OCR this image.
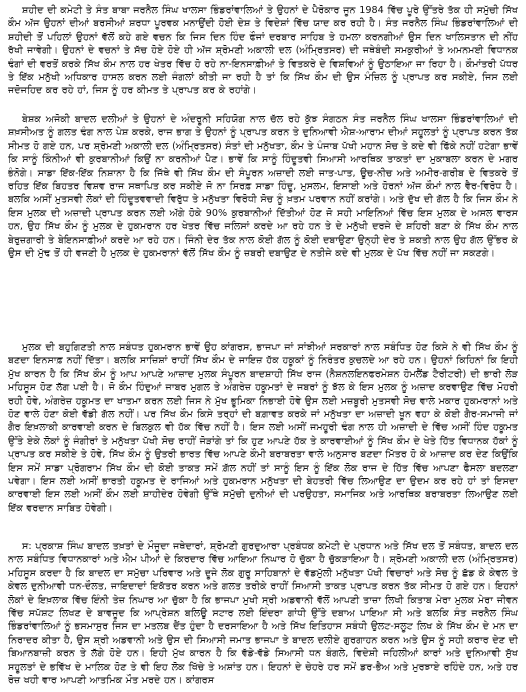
ਸ਼ਹੀਦ ਦੀ ਕਮੇਟੀ ਤੇ ਸੰਤ ਬਾਬਾ ਜਰਨੈਲ ਸਿੰਘ ਖਾਲਸਾ ਭਿੰਡਰਾਂਵਾਲਿਆਂ ਤੇ ਉਹਨਾਂ ਦੇ ਪੈਰੋਕਾਰ ਜੂਨ 1984 ਵਿੱਚ ਪੂਰੇ ਉੱਤਰੇ ਤੱਕ ਹੀ ਸਮੁੱਚੀ ਸਿੱਖ ਕੌਮ ਅੱਜ ਉਹਨਾਂ ਦੀਆਂ ਬਰਸੀਆਂ ਸ਼ਰਧਾ ਪੂਰਵਕ ਮਨਾਉਂਦੀ ਹੋਈ ਦੇਸ਼ ਤੇ ਵਿਦੇਸ਼ਾਂ ਵਿੱਚ ਯਾਦ ਕਰ ਰਹੀ ਹੈ। ਸੰਤ ਜਰਨੈਲ ਸਿੰਘ ਭਿੰਡਰਾਂਵਾਲਿਆਂ ਦੀ ਸ਼ਹੀਦੀ ਤੋਂ ਪਹਿਲਾਂ ਉਹਨਾਂ ਵੱਲੋਂ ਕਹੇ ਗਏ ਵਚਨ ਕਿ ਜਿਸ ਦਿਨ ਹਿੰਦ ਫੌਜਾਂ ਦਰਬਾਰ ਸਾਹਿਬ ਤੇ ਹਮਲਾ ਕਰਨਗੀਆਂ ਉਸ ਦਿਨ ਖਾਲਿਸਤਾਨ ਦੀ ਨੀਂਹ ਰੱਖੀ ਜਾਵੇਗੀ। ਉਹਨਾਂ ਦੇ ਵਚਨਾਂ ਤੇ ਸੱਚ ਹੋਏ ਹੋਏ ਹੀ ਅੱਜ ਸ਼੍ਰੋਮਣੀ ਅਕਾਲੀ ਦਲ (ਅੰਮ੍ਰਿਤਸਰ) ਦੀ ਜਥੇਬੰਦੀ ਸਮਕੁਰੀਆਂ ਤੇ ਅਮਨਮਈ ਵਿਧਾਨਕ ਢੰਗਾਂ ਦੀ ਵਰਤੋਂ ਕਰਕੇ ਸਿੱਖ ਕੌਮ ਨਾਲ ਹਰ ਖੇਤਰ ਵਿੱਚ ਹੋ ਰਹੇ ਨਾ-ਇਨਸਾਫ਼ੀਆਂ ਤੇ ਵਿਤਕਰੇ ਦੇ ਵਿਸ਼ਵਿਆਂ ਨੂੰ ਉਠਾਇਆ ਜਾ ਰਿਹਾ ਹੈ। ਕੌਮਾਂਤਰੀ ਪੱਧਰ ਤੇ ਇੱਕ ਮਨੁੱਖੀ ਅਧਿਕਾਰ ਹਾਸਲ ਕਰਨ ਲਈ ਜੰਗਲਾਂ ਕੀਤੀ ਜਾ ਰਹੀ ਹੈ ਤਾਂ ਕਿ ਸਿੱਖ ਕੌਮ ਦੀ ਉਸ ਮੰਜ਼ਿਲ ਨੂੰ ਪ੍ਰਾਪਤ ਕਰ ਸਕੀਏ, ਜਿਸ ਲਈ ਜਦੋਜਹਿਦ ਕਰ ਰਹੇ ਹਾਂ, ਜਿਸ ਨੂੰ ਹਰ ਕੀਮਤ ਤੇ ਪ੍ਰਾਪਤ ਕਰ ਕੇ ਰਹਾਂਗੇ।

ਬੇਸ਼ਕ ਅਜੋਕੀ ਬਾਦਲ ਦਲੀਆਂ ਤੇ ਉਹਨਾਂ ਦੇ ਅੰਦਰੂਨੀ ਸਹਿਯੋਗ ਨਾਲ ਚੱਲ ਰਹੇ ਕੁੱਝ ਸੰਗਠਨ ਸੰਤ ਜਰਨੈਲ ਸਿੰਘ ਖਾਲਸਾ ਭਿੰਡਰਾਂਵਾਲਿਆਂ ਦੀ ਸ਼ਖ਼ਸੀਅਤ ਨੂੰ ਗਲਤ ਢੰਗ ਨਾਲ ਪੇਸ਼ ਕਰਕੇ, ਰਾਜ ਭਾਗ ਤੇ ਉਹਨਾਂ ਨੂੰ ਪ੍ਰਾਪਤ ਕਰਨ ਤੇ ਦੁਨਿਆਵੀ ਐਸ਼-ਆਰਾਮ ਦੀਆਂ ਸਹੂਲਤਾਂ ਨੂੰ ਪ੍ਰਾਪਤ ਕਰਨ ਤੱਕ ਸੀਮਤ ਹੋ ਗਏ ਹਨ, ਪਰ ਸ਼੍ਰੋਮਣੀ ਅਕਾਲੀ ਦਲ (ਅੰਮ੍ਰਿਤਸਰ) ਸੰਤਾਂ ਦੀ ਮਨੁੱਖਤਾ, ਕੌਮ ਤੇ ਪੰਜਾਬ ਪੱਖੀ ਮਹਾਨ ਸੋਚ ਤੇ ਕਦੇ ਵੀ ਫਿੱਕੇ ਨਹੀਂ ਹਟੇਗਾ ਭਾਵੇਂ ਕਿ ਸਾਨੂੰ ਕਿੰਨੀਆਂ ਵੀ ਕੁਰਬਾਨੀਆਂ ਕਿਉਂ ਨਾ ਕਰਨੀਆਂ ਪੈਣ। ਭਾਵੇਂ ਕਿ ਸਾਨੂੰ ਹਿੰਦੂਤਵੀ ਸਿਆਸੀ ਆਰਥਿਕ ਤਾਕਤਾਂ ਦਾ ਮੁਕਾਬਲਾ ਕਰਨ ਦੇ ਮਗਰ ਭੰਨੋਗੇ। ਸਾਡਾ ਇੱਕ-ਇੱਕ ਨਿਸ਼ਾਨਾ ਹੈ ਕਿ ਜਿੱਥੇ ਵੀ ਸਿੱਖ ਕੌਮ ਦੀ ਸੰਪੂਰਨ ਅਜ਼ਾਦੀ ਲਈ ਜਾਤ-ਪਾਤ, ਊਚ-ਨੀਚ ਅਤੇ ਅਮੀਰ-ਗਰੀਬ ਦੇ ਵਿਤਕਰੇ ਤੋਂ ਰਹਿਤ ਇੱਕ ਬਿਹਤਰ ਵਿਸ਼ਵ ਰਾਜ ਸਥਾਪਿਤ ਕਰ ਸਕੀਏ ਜੋ ਨਾ ਸਿਰਫ਼ ਸਾਡਾ ਹਿੰਦੂ, ਮੁਸਲਮ, ਇਸਾਈ ਅਤੇ ਹੋਰਨਾਂ ਅੱਜ ਕੌਮਾਂ ਨਾਲ ਵੈਰ-ਵਿਰੋਧ ਹੈ। ਬਲਕਿ ਅਸੀਂ ਮੁਤਸਵੀ ਲੋਕਾਂ ਦੀ ਹਿੰਦੂਤਵਵਾਦੀ ਵਿਰੁੱਧ ਤੇ ਮਨੁੱਖਤਾ ਵਿਰੋਧੀ ਸੋਚ ਨੂੰ ਖ਼ਤਮ ਪਰਵਾਨ ਨਹੀਂ ਕਰਾਂਗੇ। ਅਤੇ ਦੁੱਖ ਦੀ ਗੱਲ ਹੈ ਕਿ ਜਿਸ ਕੌਮ ਨੇ ਇਸ ਮੁਲਕ ਦੀ ਅਜ਼ਾਦੀ ਪ੍ਰਾਪਤ ਕਰਨ ਲਈ ਅੱਗੇ ਹੋਕੇ 90% ਕੁਰਬਾਨੀਆਂ ਦਿੱਤੀਆਂ ਹੋਣ ਜੋ ਸਹੀ ਮਾਇਨਿਆਂ ਵਿੱਚ ਇਸ ਮੁਲਕ ਦੇ ਅਸਲ ਵਾਰਸ ਹਨ, ਉਹ ਸਿੱਖ ਕੌਮ ਨੂੰ ਮੁਲਕ ਦੇ ਹੁਕਮਰਾਨ ਹਰ ਖੇਤਰ ਵਿੱਚ ਜਲਿਸਾਂ ਕਰਦੇ ਆ ਰਹੇ ਹਨ ਤੇ ਦੇ ਮਨੁੱਖੀ ਦਰਜੇ ਦੇ ਸ਼ਹਿਰੀ ਬਣਾ ਕੇ ਸਿੱਖ ਕੌਮ ਨਾਲ ਬੇਰੁਜ਼ਗਾਰੀ ਤੇ ਬੇਇਨਸਾਫ਼ੀਆਂ ਕਰਦੇ ਆ ਰਹੇ ਹਨ। ਜਿੰਨੀ ਦੇਰ ਤੱਕ ਨਾਲ ਕੋਈ ਗੱਲ ਨੂੰ ਕੋਈ ਦਬਾਉਣਾ ਉਨ੍ਹੀ ਦੇਰ ਤੇ ਸ਼ਕਤੀ ਨਾਲ ਉਹ ਗੱਲ ਉੱਭਰ ਕੇ ਉਸ ਦੀ ਮੁੱਢ ਤੋਂ ਹੀ ਵਜਣੀ ਹੈ ਮੁਲਕ ਦੇ ਹੁਕਮਰਾਨਾਂ ਵੱਲੋਂ ਸਿੱਖ ਕੌਮ ਨੂੰ ਜ਼ਬਰੀ ਦਬਾਉਣ ਦੇ ਨਤੀਜੇ ਕਦੇ ਵੀ ਮੁਲਕ ਦੇ ਪੱਖ ਵਿੱਚ ਨਹੀਂ ਜਾ ਸਕਣਗੇ।

ਮੁਲਕ ਦੀ ਬਹੁਗਿਣਤੀ ਨਾਲ ਸਬੰਧਤ ਹੁਕਮਰਾਨ ਭਾਵੇਂ ਉਹ ਕਾਂਗਰਸ, ਭਾਜਪਾ ਜਾਂ ਸਾਂਝੀਆਂ ਸਰਕਾਰਾਂ ਨਾਲ ਸਬੰਧਿਤ ਹੋਣ ਕਿਸੇ ਨੇ ਵੀ ਸਿੱਖ ਕੌਮ ਨੂੰ ਬਣਦਾ ਇਨਸਾਫ਼ ਨਹੀਂ ਦਿੱਤਾ। ਬਲਕਿ ਸਾਜ਼ਿਸ਼ਾਂ ਰਾਹੀਂ ਸਿੱਖ ਕੌਮ ਦੇ ਜਾਇਜ਼ ਹੱਕ ਹਕੂਕਾਂ ਨੂੰ ਨਿਰੰਤਰ ਕੁਚਲਦੇ ਆ ਰਹੇ ਹਨ। ਉਹਨਾਂ ਕਿਹਿਨਾਂ ਕਿ ਇਹੀ ਮੁੱਖ ਕਾਰਨ ਹੈ ਕਿ ਸਿੱਖ ਕੌਮ ਨੂੰ ਆਪ ਆਪਣੇ ਆਜ਼ਾਦ ਮੁਲਕ ਸੰਪੂਰਨ ਬਾਦਸ਼ਾਹੀ ਸਿੱਖ ਰਾਜ (ਨੈਸ਼ਨਲਇਨਫਰਮੇਸ਼ਨ ਹੋਮਲੈਂਡ ਟੈਰੀਟਰੀ) ਦੀ ਭਾਰੀ ਲੋੜ ਮਹਿਸੂਸ ਹੋਣ ਲੱਗ ਪਈ ਹੈ। ਜੋ ਕੌਮ ਹਿੰਦੁਆਂ ਜਾਬਰ ਮੁਗਲ ਤੇ ਅੰਗਰੇਜ਼ ਹਕੂਮਤਾਂ ਦੇ ਜਬਰਾਂ ਨੂੰ ਝੱਲ ਕੇ ਇਸ ਮੁਲਕ ਨੂੰ ਅਜ਼ਾਦ ਕਰਵਾਉਣ ਵਿੱਚ ਮੋਹਰੀ ਰਹੀ ਹੋਵੇ, ਅੰਗਰੇਜ਼ ਹਕੂਮਤ ਦਾ ਖਾਤਮਾ ਕਰਨ ਲਈ ਜਿਸ ਨੇ ਮੁੱਖ ਭੂਮਿਕਾ ਨਿਭਾਈ ਹੋਵੇ ਉਸ ਲਈ ਮਜ਼ਬੂਰੀ ਮੁਤਸਵੀ ਸੋਚ ਵਾਲੇ ਮਕਾਰ ਹੁਕਮਰਾਨਾਂ ਅਤੇ ਹੋਣ ਵਾਲੇ ਹੋਣਾ ਕੋਈ ਵੱਡੀ ਗੱਲ ਨਹੀਂ। ਪਰ ਸਿੱਖ ਕੌਮ ਕਿਸੇ ਤਰ੍ਹਾਂ ਦੀ ਬਗ਼ਾਵਤ ਕਰਕੇ ਜਾਂ ਮਨੁੱਖਤਾ ਦਾ ਅਜ਼ਾਦੀ ਖੂਨ ਵਹਾ ਕੇ ਕੋਈ ਗੈਰ-ਸਮਾਜੀ ਜਾਂ ਗੈਰ ਇਖ਼ਲਾਕੀ ਕਾਰਵਾਈ ਕਰਨ ਦੇ ਬਿਲਕੁਲ ਵੀ ਹੱਕ ਵਿੱਚ ਨਹੀਂ ਹੈ। ਇਸ ਲਈ ਅਸੀਂ ਜਮਹੂਰੀ ਢੰਗ ਨਾਲ ਹੀ ਅਜ਼ਾਦੀ ਦੇ ਵਿੱਚ ਅਸੀਂ ਹਿੰਦ ਹਕੂਮਤ ਉੱਤੇ ਏਕੇ ਲੋਕਾਂ ਨੂੰ ਜੰਗੀਰਾਂ ਤੇ ਮਨੁੱਖਤਾ ਪੱਖੀ ਸੋਚ ਰਾਹੀਂ ਜੋੜਾਂਗੇ ਤਾਂ ਕਿ ਹੁਣ ਆਪਣੇ ਹੱਕ ਤੇ ਕਾਰਵਾਈਆਂ ਨੂੰ ਸਿੱਖ ਕੌਮ ਦੇ ਖੇਤੇ ਹਿੱਤ ਵਿਧਾਨਕ ਹੱਕਾਂ ਨੂੰ ਪ੍ਰਾਪਤ ਕਰ ਸਕੀਏ ਤੇ ਹੋਵੇ, ਸਿੱਖ ਕੌਮ ਨੂੰ ਉਤਰੀ ਭਾਰਤ ਵਿੱਚ ਆਪਣੇ ਕੌਮੀ ਬਰਾਬਰਤਾ ਵਾਲੇ ਅਨੁਸਾਰ ਬਣਦਾ ਮਿੱਤਰ ਹੋ ਕੇ ਆਜ਼ਾਦ ਕਰ ਦੇਣ ਕਿਉਂਕਿ ਇਸ ਸਮੇਂ ਸਾਡਾ ਪ੍ਰੋਗਰਾਮ ਸਿੱਖ ਕੌਮ ਦੀ ਕੋਈ ਤਾਕਤ ਸਮੇਂ ਗ਼ੱਲ ਨਹੀਂ ਤਾਂ ਸਾਨੂੰ ਇਸ ਨੂੰ ਇੱਕ ਲੋਕ ਰਾਜ ਦੇ ਹਿੱਤ ਵਿੱਚ ਆਪਣਾ ਫੈਸਲਾ ਬਦਲਣਾ ਪਵੇਗਾ। ਇਸ ਲਈ ਅਸੀਂ ਭਾਰਤੀ ਹਕੂਮਤ ਦੇ ਰਾਜਿਆਂ ਅਤੇ ਹੁਕਮਰਾਨ ਮਨੁੱਖਤਾ ਦੀ ਬੇਹਤਰੀ ਵਿੱਚ ਲਿਆਉਣ ਦਾ ਉਦਮ ਕਰ ਰਹੇ ਹਾਂ ਤਾਂ ਇਸਦਾ ਕਾਰਵਾਈ ਇਸ ਲਈ ਅਸੀਂ ਕੌਮ ਲਈ ਸ਼ਾਹੀਦੇਰ ਹੋਵੇਗੀ ਉੱਥੇ ਸਮੁੱਚੀ ਦੁਨੀਆਂ ਦੀ ਪਰਉਹਤਾ, ਸਮਾਜਿਕ ਅਤੇ ਆਰਥਿਕ ਬਰਾਬਰਤਾ ਲਿਆਉਣ ਲਈ ਇੱਕ ਵਰਦਾਨ ਸਾਬਿਤ ਹੋਵੇਗੀ।

ਸ: ਪ੍ਰਕਾਸ਼ ਸਿੰਘ ਬਾਦਲ ਤਖ਼ਤਾਂ ਦੇ ਮੌਜੂਦਾ ਜਥੇਦਾਰਾਂ, ਸ਼੍ਰੋਮਣੀ ਗੁਰਦੁਆਰਾ ਪ੍ਰਬੰਧਕ ਕਮੇਟੀ ਦੇ ਪ੍ਰਧਾਨ ਅਤੇ ਸਿੱਖ ਦਲ ਤੋਂ ਸਬੰਧਤ, ਬਾਦਲ ਦਲ ਨਾਲ ਸਬੰਧਿਤ ਵਿਧਾਨਕਾਰਾਂ ਅਤੇ ਐਮ ਪੀਆਂ ਦੇ ਕਿਰਦਾਰ ਵਿੱਚ ਆਇਆ ਨਿਘਾਰ ਹੋ ਚੁੱਕਾ ਹੈ ਚੁੱਕੜਾਇਆ ਹੈ। ਸ਼੍ਰੋਮਣੀ ਅਕਾਲੀ ਦਲ (ਅੰਮ੍ਰਿਤਸਰ) ਮਹਿਸੂਸ ਕਰਦਾ ਹੈ ਕਿ ਬਾਦਲ ਦਾ ਸਮੁੱਚਾ ਪਰਿਵਾਰ ਅਤੇ ਦੂਜੇ ਲੋਕ ਗੁਰੂ ਸਾਹਿਬਾਨਾਂ ਦੇ ਵੱਡਮੁੱਲੀ ਮਨੁੱਖਤਾ ਪੱਖੀ ਵਿਚਾਰਾਂ ਅਤੇ ਸੋਚ ਨੂੰ ਛੱਡ ਕੇ ਕੇਵਲ ਤੇ ਕੇਵਲ ਦੁਨੀਆਵੀ ਧਨ-ਦੌਲਤ, ਜਾਇਦਾਦਾਂ ਇਕੱਤਰ ਕਰਨ ਅਤੇ ਗਲਤ ਤਰੀਕੇ ਰਾਹੀਂ ਸਿਆਸੀ ਤਾਕਤ ਪ੍ਰਾਪਤ ਕਰਨ ਤੱਕ ਸੀਮਤ ਹੋ ਗਏ ਹਨ। ਇਹਨਾਂ ਲੋਕਾਂ ਦੇ ਇਖ਼ਲਾਕ ਵਿੱਚ ਇੰਨੀ ਤੇਜ਼ ਨਿਘਾਰ ਆ ਚੁੱਕਾ ਹੈ ਕਿ ਭਾਜਪਾ ਮੁਖੀ ਸ੍ਰੀ ਅਡਵਾਨੀ ਵੱਲੋਂ ਆਪਣੀ ਤਾਜ਼ਾ ਲਿਖੀ ਕਿਤਾਬ ਮੇਰਾ ਮੁਲਕ ਮੇਰਾ ਜੀਵਨ ਵਿੱਚ ਸਪੱਸ਼ਟ ਲਿਖਣ ਦੇ ਬਾਵਜੂਦ ਕਿ ਆਪ੍ਰੇਸ਼ਨ ਬਲਿਊ ਸਟਾਰ ਲਈ ਇੰਦਰਾ ਗਾਂਧੀ ਉੱਤੇ ਦਬਾਅ ਪਾਇਆ ਸੀ ਅਤੇ ਬਲਕਿ ਸੰਤ ਜਰਨੈਲ ਸਿੰਘ ਭਿੰਡਰਾਂਵਾਲਿਆਂ ਨੂੰ ਭਸਮਾਸੁਰ ਜਿਸ ਦਾ ਮਤਲਬ ਦੈਂਤ ਹੁੰਦਾ ਹੈ ਦਰਸਾਇਆ ਹੈ ਅਤੇ ਸਿੱਖ ਇਤਿਹਾਸ ਸਬੰਧੀ ਉਲਟ-ਸਲੂਟ ਲਿਖ ਕੇ ਸਿੱਖ ਕੌਮ ਦੇ ਮਨ ਦਾ ਨਿਰਾਦਰ ਕੀਤਾ ਹੈ, ਉਸ ਸ਼੍ਰੀ ਅਡਵਾਨੀ ਅਤੇ ਉਸ ਦੀ ਸਿਆਸੀ ਜਮਾਤ ਭਾਜਪਾ ਤੇ ਬਾਦਲ ਦਲੀਏ ਗੁਰਗਾਹਨ ਕਰਨ ਅਤੇ ਉਸ ਨੂੰ ਸਹੀ ਕਰਾਰ ਦੇਣ ਦੀ ਬਿਆਨਬਾਜ਼ੀ ਕਰਨ ਤੇ ਲੱਗੇ ਹੋਏ ਹਨ। ਇਹੀ ਮੁੱਖ ਕਾਰਨ ਹੈ ਕਿ ਵੱਡੇ-ਵੱਡੇ ਸਿਆਸੀ ਧਨ ਬੰਗਲੇ, ਵਿਦੇਸ਼ੀ ਜਹਿਲੀਆਂ ਕਾਰਾਂ ਅਤੇ ਦੁਨਿਆਵੀ ਸੁੱਖ ਸਹੂਲਤਾਂ ਦੇ ਭਵਿੱਖ ਦੇ ਮਾਲਿਕ ਹੋਣ ਤੇ ਵੀ ਇਹ ਲੋਕ ਖਿੱਚੇ ਤੇ ਅਸ਼ਾਂਤ ਹਨ। ਇਹਨਾਂ ਦੇ ਚੇਹਰੇ ਹਰ ਸਮੇਂ ਡਰ-ਭੈਅ ਅਤੇ ਮੁਰਝਾਏ ਰਹਿੰਦੇ ਹਨ, ਅਤੇ ਹਰ ਰੋਜ਼ ਖਹੀ ਵਾਰ ਆਪਣੀ ਆਤਮਿਕ ਮੌਤ ਮਰਦੇ ਹਨ। ਕਾਂਗਰਸ
